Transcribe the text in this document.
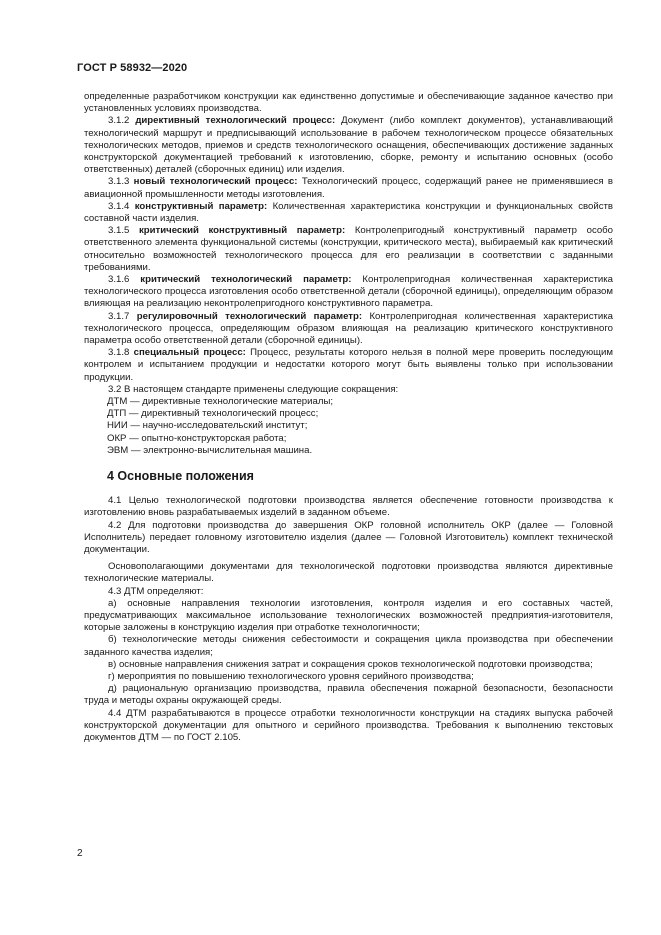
ГОСТ Р 58932—2020

определенные разработчиком конструкции как единственно допустимые и обеспечивающие заданное качество при установленных условиях производства.

3.1.2 директивный технологический процесс: Документ (либо комплект документов), устанавливающий технологический маршрут и предписывающий использование в рабочем технологическом процессе обязательных технологических методов, приемов и средств технологического оснащения, обеспечивающих достижение заданных конструкторской документацией требований к изготовлению, сборке, ремонту и испытанию основных (особо ответственных) деталей (сборочных единиц) или изделия.

3.1.3 новый технологический процесс: Технологический процесс, содержащий ранее не применявшиеся в авиационной промышленности методы изготовления.

3.1.4 конструктивный параметр: Количественная характеристика конструкции и функциональных свойств составной части изделия.

3.1.5 критический конструктивный параметр: Контролепригодный конструктивный параметр особо ответственного элемента функциональной системы (конструкции, критического места), выбираемый как критический относительно возможностей технологического процесса для его реализации в соответствии с заданными требованиями.

3.1.6 критический технологический параметр: Контролепригодная количественная характеристика технологического процесса изготовления особо ответственной детали (сборочной единицы), определяющим образом влияющая на реализацию неконтролепригодного конструктивного параметра.

3.1.7 регулировочный технологический параметр: Контролепригодная количественная характеристика технологического процесса, определяющим образом влияющая на реализацию критического конструктивного параметра особо ответственной детали (сборочной единицы).

3.1.8 специальный процесс: Процесс, результаты которого нельзя в полной мере проверить последующим контролем и испытанием продукции и недостатки которого могут быть выявлены только при использовании продукции.

3.2 В настоящем стандарте применены следующие сокращения:

ДТМ — директивные технологические материалы;

ДТП — директивный технологический процесс;

НИИ — научно-исследовательский институт;

ОКР — опытно-конструкторская работа;

ЭВМ — электронно-вычислительная машина.

4 Основные положения

4.1 Целью технологической подготовки производства является обеспечение готовности производства к изготовлению вновь разрабатываемых изделий в заданном объеме.

4.2 Для подготовки производства до завершения ОКР головной исполнитель ОКР (далее — Головной Исполнитель) передает головному изготовителю изделия (далее — Головной Изготовитель) комплект технической документации.

Основополагающими документами для технологической подготовки производства являются директивные технологические материалы.

4.3 ДТМ определяют:

а) основные направления технологии изготовления, контроля изделия и его составных частей, предусматривающих максимальное использование технологических возможностей предприятия-изготовителя, которые заложены в конструкцию изделия при отработке технологичности;

б) технологические методы снижения себестоимости и сокращения цикла производства при обеспечении заданного качества изделия;

в) основные направления снижения затрат и сокращения сроков технологической подготовки производства;

г) мероприятия по повышению технологического уровня серийного производства;

д) рациональную организацию производства, правила обеспечения пожарной безопасности, безопасности труда и методы охраны окружающей среды.

4.4 ДТМ разрабатываются в процессе отработки технологичности конструкции на стадиях выпуска рабочей конструкторской документации для опытного и серийного производства. Требования к выполнению текстовых документов ДТМ — по ГОСТ 2.105.

2
